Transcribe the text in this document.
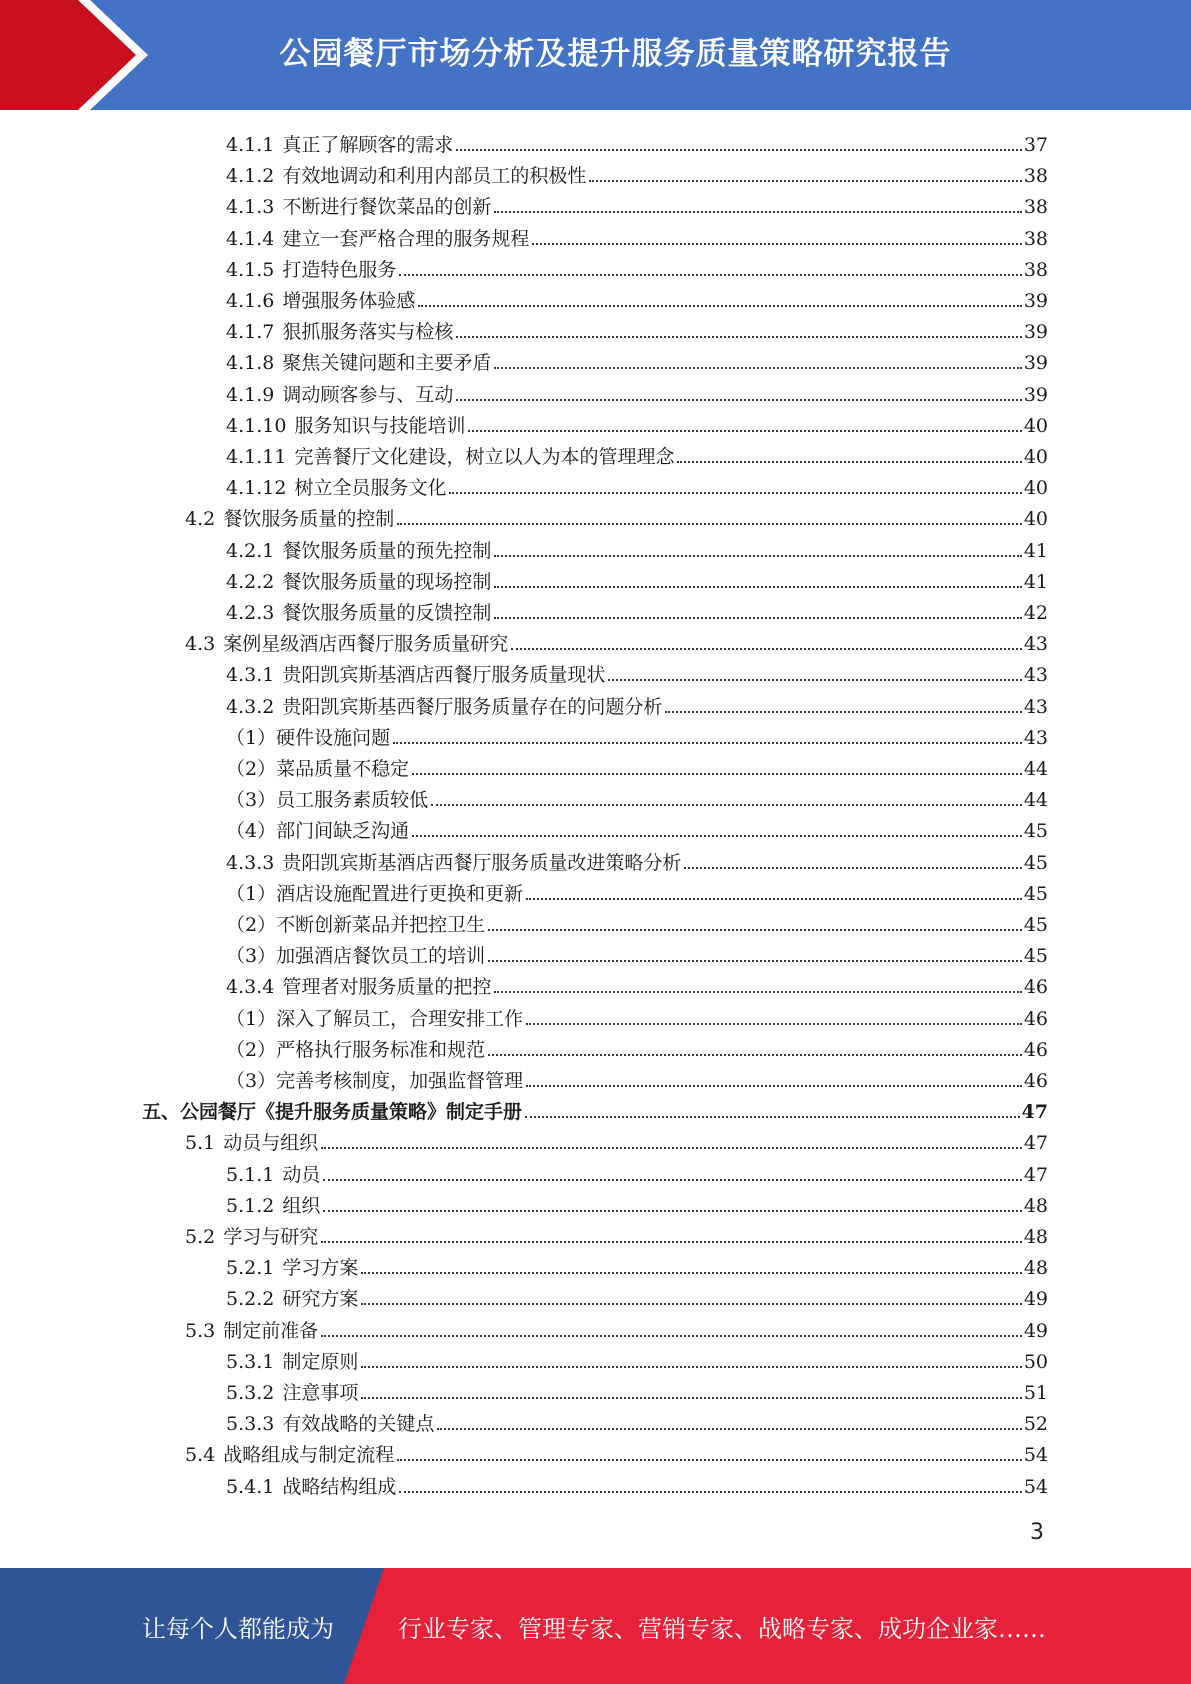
公园餐厅市场分析及提升服务质量策略研究报告
4.1.1 真正了解顾客的需求	37
4.1.2 有效地调动和利用内部员工的积极性	38
4.1.3 不断进行餐饮菜品的创新	38
4.1.4 建立一套严格合理的服务规程	38
4.1.5 打造特色服务	38
4.1.6 增强服务体验感	39
4.1.7 狠抓服务落实与检核	39
4.1.8 聚焦关键问题和主要矛盾	39
4.1.9 调动顾客参与、互动	39
4.1.10 服务知识与技能培训	40
4.1.11 完善餐厅文化建设，树立以人为本的管理理念	40
4.1.12 树立全员服务文化	40
4.2 餐饮服务质量的控制	40
4.2.1 餐饮服务质量的预先控制	41
4.2.2 餐饮服务质量的现场控制	41
4.2.3 餐饮服务质量的反馈控制	42
4.3 案例星级酒店西餐厅服务质量研究	43
4.3.1 贵阳凯宾斯基酒店西餐厅服务质量现状	43
4.3.2 贵阳凯宾斯基西餐厅服务质量存在的问题分析	43
（1）硬件设施问题	43
（2）菜品质量不稳定	44
（3）员工服务素质较低	44
（4）部门间缺乏沟通	45
4.3.3 贵阳凯宾斯基酒店西餐厅服务质量改进策略分析	45
（1）酒店设施配置进行更换和更新	45
（2）不断创新菜品并把控卫生	45
（3）加强酒店餐饮员工的培训	45
4.3.4 管理者对服务质量的把控	46
（1）深入了解员工，合理安排工作	46
（2）严格执行服务标准和规范	46
（3）完善考核制度，加强监督管理	46
五、公园餐厅《提升服务质量策略》制定手册	47
5.1 动员与组织	47
5.1.1 动员	47
5.1.2 组织	48
5.2 学习与研究	48
5.2.1 学习方案	48
5.2.2 研究方案	49
5.3 制定前准备	49
5.3.1 制定原则	50
5.3.2 注意事项	51
5.3.3 有效战略的关键点	52
5.4 战略组成与制定流程	54
5.4.1 战略结构组成	54
3
让每个人都能成为	行业专家、管理专家、营销专家、战略专家、成功企业家……
